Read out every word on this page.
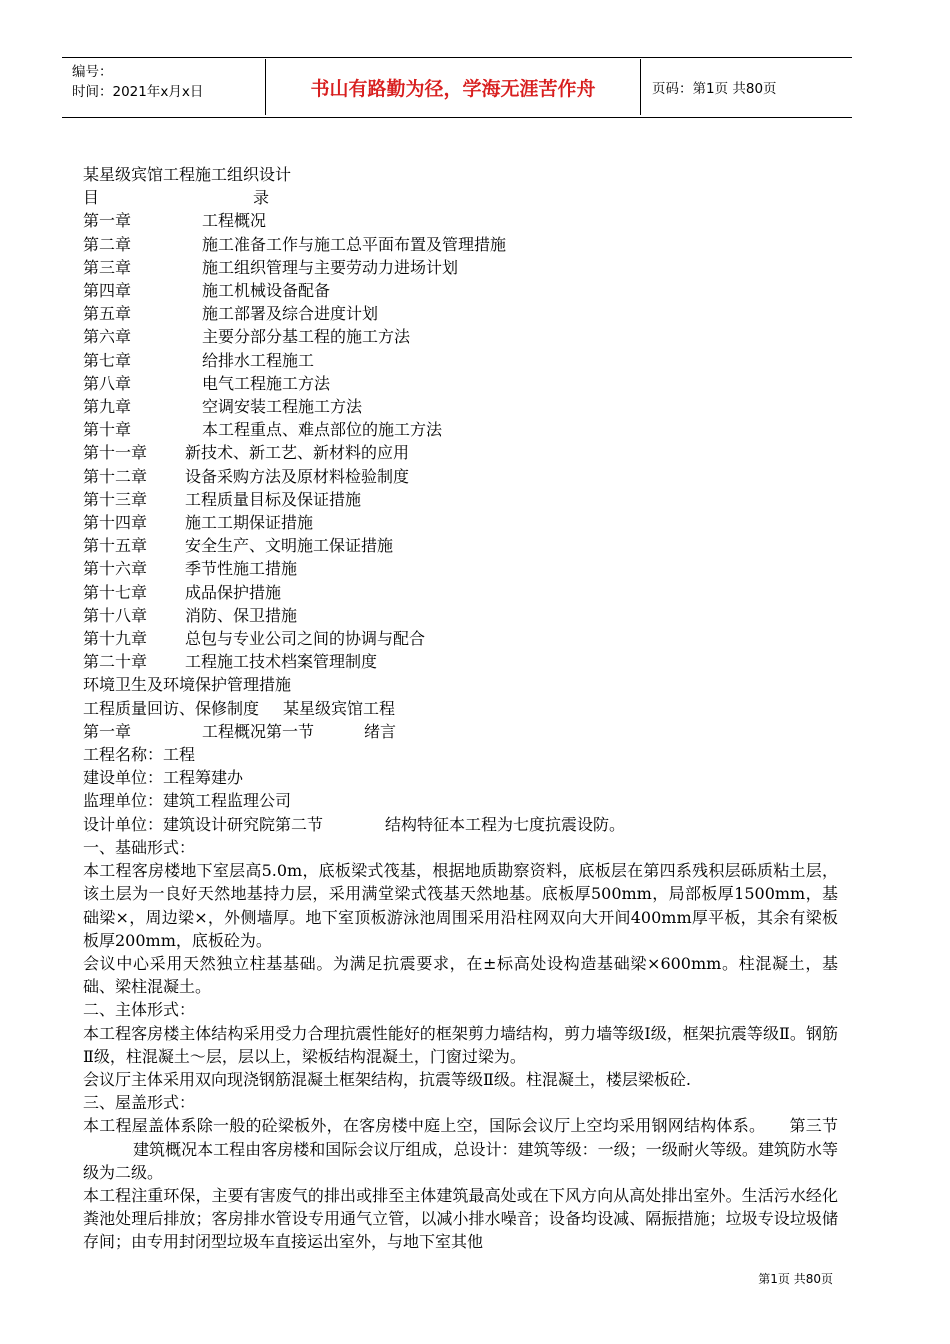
编号：
时间：2021年x月x日	书山有路勤为径，学海无涯苦作舟	页码：第1页 共80页
某星级宾馆工程施工组织设计
目	录
第一章	工程概况
第二章	施工准备工作与施工总平面布置及管理措施
第三章	施工组织管理与主要劳动力进场计划
第四章	施工机械设备配备
第五章	施工部署及综合进度计划
第六章	主要分部分基工程的施工方法
第七章	给排水工程施工
第八章	电气工程施工方法
第九章	空调安装工程施工方法
第十章	本工程重点、难点部位的施工方法
第十一章 新技术、新工艺、新材料的应用
第十二章 设备采购方法及原材料检验制度
第十三章 工程质量目标及保证措施
第十四章 施工工期保证措施
第十五章 安全生产、文明施工保证措施
第十六章 季节性施工措施
第十七章 成品保护措施
第十八章 消防、保卫措施
第十九章 总包与专业公司之间的协调与配合
第二十章 工程施工技术档案管理制度
环境卫生及环境保护管理措施
工程质量回访、保修制度 某星级宾馆工程
第一章	工程概况第一节	绪言
工程名称：工程
建设单位：工程筹建办
监理单位：建筑工程监理公司
设计单位：建筑设计研究院第二节	结构特征本工程为七度抗震设防。
一、基础形式：
本工程客房楼地下室层高5.0m，底板梁式筏基，根据地质勘察资料，底板层在第四系残积层砾质粘土层，该土层为一良好天然地基持力层，采用满堂梁式筏基天然地基。底板厚500mm，局部板厚1500mm，基础梁×，周边梁×，外侧墙厚。地下室顶板游泳池周围采用沿柱网双向大开间400mm厚平板，其余有梁板板厚200mm，底板砼为。
会议中心采用天然独立柱基基础。为满足抗震要求，在±标高处设构造基础梁×600mm。柱混凝土，基础、梁柱混凝土。
二、主体形式：
本工程客房楼主体结构采用受力合理抗震性能好的框架剪力墙结构，剪力墙等级Ⅰ级，框架抗震等级Ⅱ。钢筋Ⅱ级，柱混凝土～层，层以上，梁板结构混凝土，门窗过梁为。
会议厅主体采用双向现浇钢筋混凝土框架结构，抗震等级Ⅱ级。柱混凝土，楼层梁板砼.
三、屋盖形式：
本工程屋盖体系除一般的砼梁板外，在客房楼中庭上空，国际会议厅上空均采用钢网结构体系。 第三节建筑概况本工程由客房楼和国际会议厅组成，总设计：建筑等级：一级；一级耐火等级。建筑防水等级为二级。
本工程注重环保，主要有害废气的排出或排至主体建筑最高处或在下风方向从高处排出室外。生活污水经化粪池处理后排放；客房排水管设专用通气立管，以减小排水噪音；设备均设减、隔振措施；垃圾专设垃圾储存间；由专用封闭型垃圾车直接运出室外，与地下室其他
第1页 共80页
